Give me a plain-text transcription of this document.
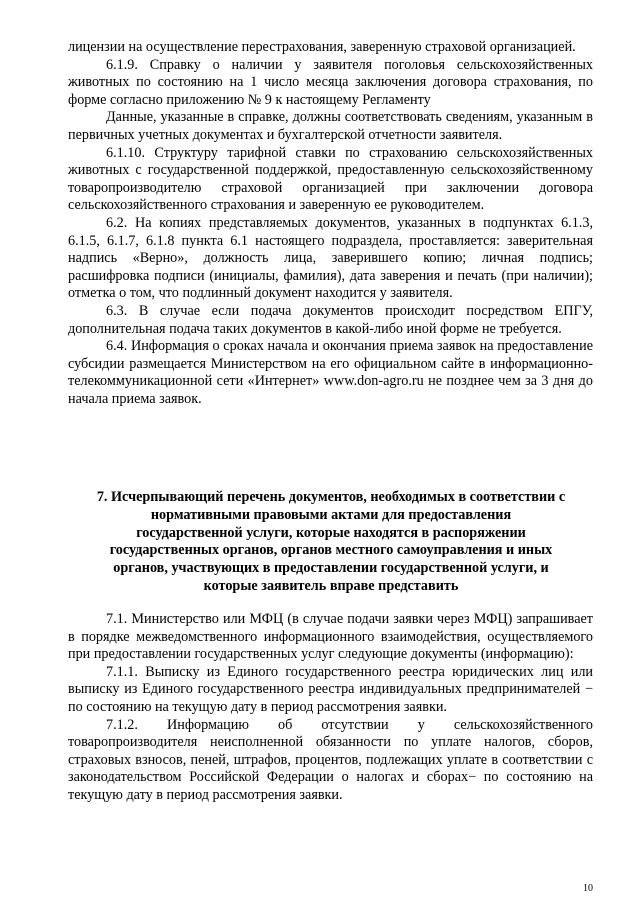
лицензии на осуществление перестрахования, заверенную страховой организацией.

6.1.9. Справку о наличии у заявителя поголовья сельскохозяйственных животных по состоянию на 1 число месяца заключения договора страхования, по форме согласно приложению № 9 к настоящему Регламенту

Данные, указанные в справке, должны соответствовать сведениям, указанным в первичных учетных документах и бухгалтерской отчетности заявителя.

6.1.10. Структуру тарифной ставки по страхованию сельскохозяйственных животных с государственной поддержкой, предоставленную сельскохозяйственному товаропроизводителю страховой организацией при заключении договора сельскохозяйственного страхования и заверенную ее руководителем.

6.2. На копиях представляемых документов, указанных в подпунктах 6.1.3, 6.1.5, 6.1.7, 6.1.8 пункта 6.1 настоящего подраздела, проставляется: заверительная надпись «Верно», должность лица, заверившего копию; личная подпись; расшифровка подписи (инициалы, фамилия), дата заверения и печать (при наличии); отметка о том, что подлинный документ находится у заявителя.

6.3. В случае если подача документов происходит посредством ЕПГУ, дополнительная подача таких документов в какой-либо иной форме не требуется.

6.4. Информация о сроках начала и окончания приема заявок на предоставление субсидии размещается Министерством на его официальном сайте в информационно-телекоммуникационной сети «Интернет» www.don-agro.ru не позднее чем за 3 дня до начала приема заявок.

7. Исчерпывающий перечень документов, необходимых в соответствии с нормативными правовыми актами для предоставления государственной услуги, которые находятся в распоряжении государственных органов, органов местного самоуправления и иных органов, участвующих в предоставлении государственной услуги, и которые заявитель вправе представить

7.1. Министерство или МФЦ (в случае подачи заявки через МФЦ) запрашивает в порядке межведомственного информационного взаимодействия, осуществляемого при предоставлении государственных услуг следующие документы (информацию):

7.1.1. Выписку из Единого государственного реестра юридических лиц или выписку из Единого государственного реестра индивидуальных предпринимателей − по состоянию на текущую дату в период рассмотрения заявки.

7.1.2. Информацию об отсутствии у сельскохозяйственного товаропроизводителя неисполненной обязанности по уплате налогов, сборов, страховых взносов, пеней, штрафов, процентов, подлежащих уплате в соответствии с законодательством Российской Федерации о налогах и сборах− по состоянию на текущую дату в период рассмотрения заявки.

10
